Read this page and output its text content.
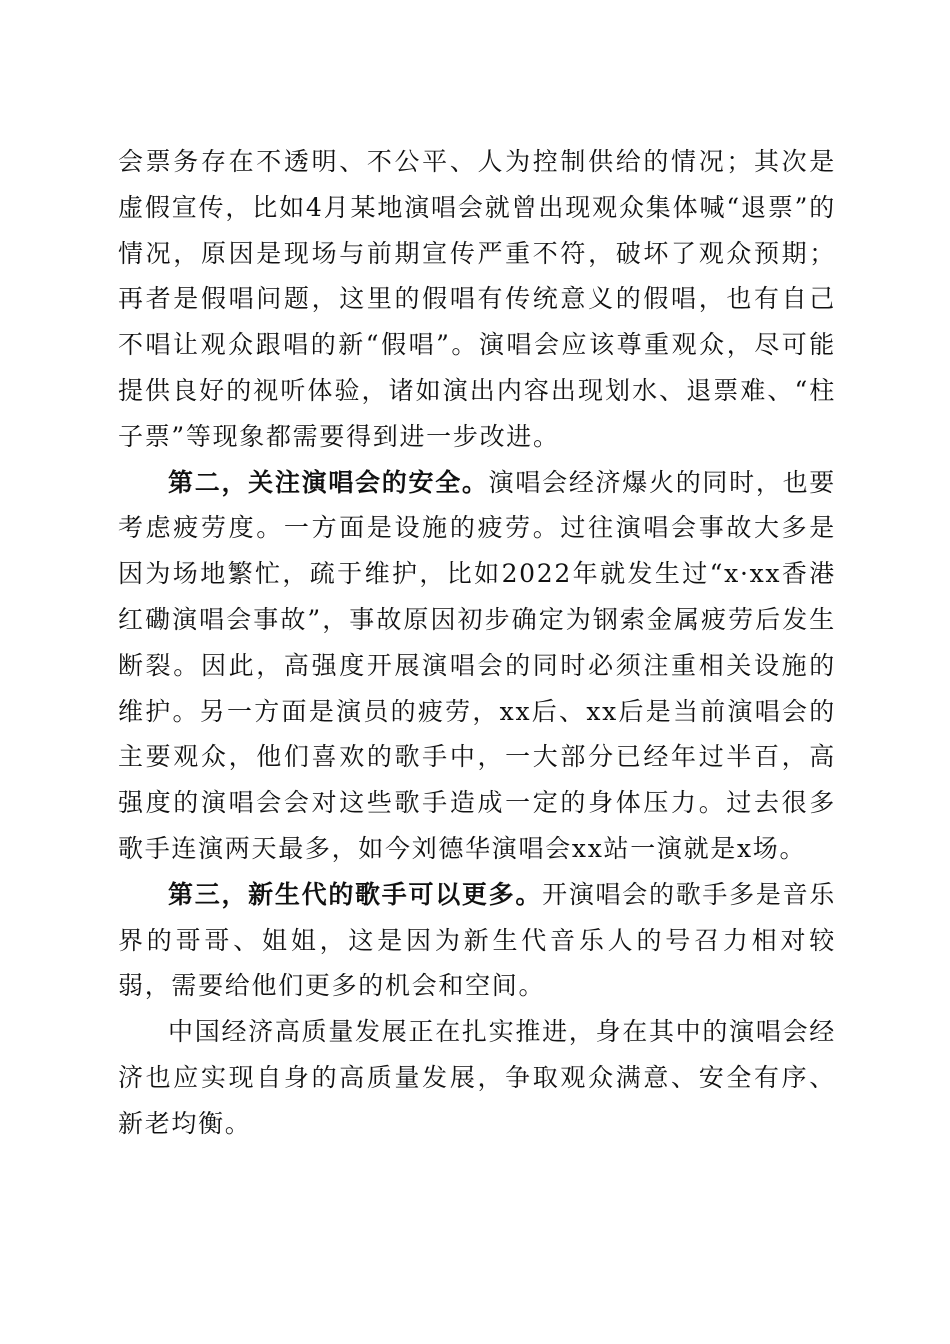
会票务存在不透明、不公平、人为控制供给的情况；其次是虚假宣传，比如4月某地演唱会就曾出现观众集体喊“退票”的情况，原因是现场与前期宣传严重不符，破坏了观众预期；再者是假唱问题，这里的假唱有传统意义的假唱，也有自己不唱让观众跟唱的新“假唱”。演唱会应该尊重观众，尽可能提供良好的视听体验，诸如演出内容出现划水、退票难、“柱子票”等现象都需要得到进一步改进。

第二，关注演唱会的安全。演唱会经济爆火的同时，也要考虑疲劳度。一方面是设施的疲劳。过往演唱会事故大多是因为场地繁忙，疏于维护，比如2022年就发生过“x·xx香港红磡演唱会事故”，事故原因初步确定为钢索金属疲劳后发生断裂。因此，高强度开展演唱会的同时必须注重相关设施的维护。另一方面是演员的疲劳，xx后、xx后是当前演唱会的主要观众，他们喜欢的歌手中，一大部分已经年过半百，高强度的演唱会会对这些歌手造成一定的身体压力。过去很多歌手连演两天最多，如今刘德华演唱会xx站一演就是x场。

第三，新生代的歌手可以更多。开演唱会的歌手多是音乐界的哥哥、姐姐，这是因为新生代音乐人的号召力相对较弱，需要给他们更多的机会和空间。

中国经济高质量发展正在扎实推进，身在其中的演唱会经济也应实现自身的高质量发展，争取观众满意、安全有序、新老均衡。
